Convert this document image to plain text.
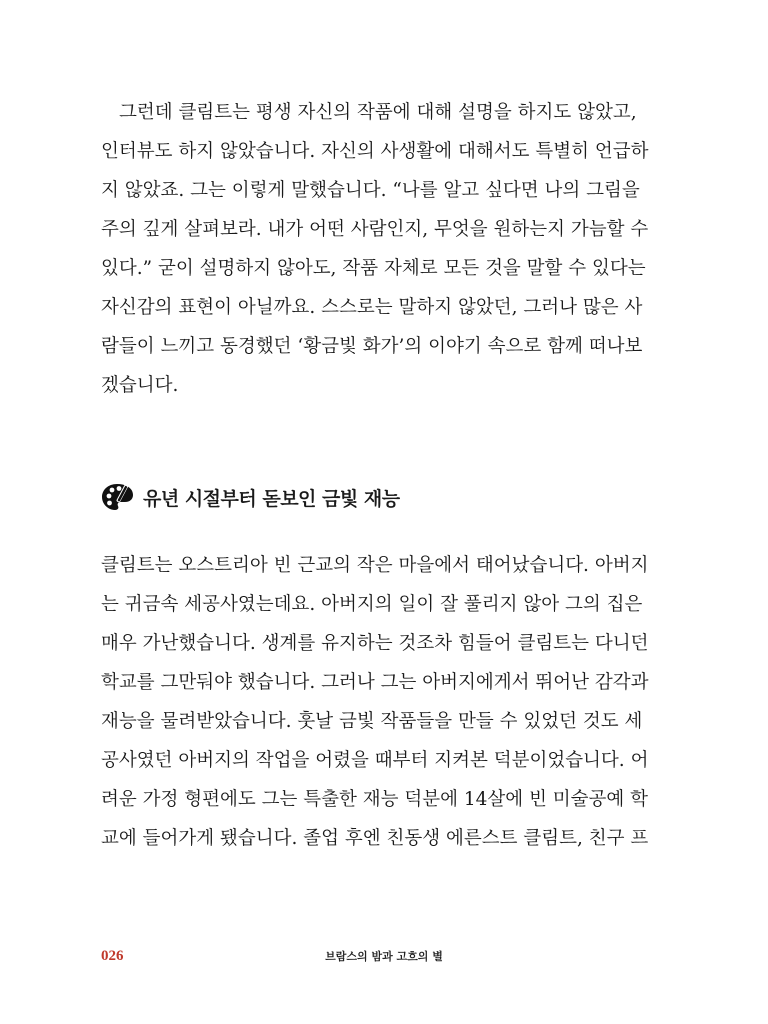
그런데 클림트는 평생 자신의 작품에 대해 설명을 하지도 않았고,
인터뷰도 하지 않았습니다. 자신의 사생활에 대해서도 특별히 언급하
지 않았죠. 그는 이렇게 말했습니다. “나를 알고 싶다면 나의 그림을
주의 깊게 살펴보라. 내가 어떤 사람인지, 무엇을 원하는지 가늠할 수
있다.” 굳이 설명하지 않아도, 작품 자체로 모든 것을 말할 수 있다는
자신감의 표현이 아닐까요. 스스로는 말하지 않았던, 그러나 많은 사
람들이 느끼고 동경했던 ‘황금빛 화가’의 이야기 속으로 함께 떠나보
겠습니다.
유년 시절부터 돋보인 금빛 재능
클림트는 오스트리아 빈 근교의 작은 마을에서 태어났습니다. 아버지
는 귀금속 세공사였는데요. 아버지의 일이 잘 풀리지 않아 그의 집은
매우 가난했습니다. 생계를 유지하는 것조차 힘들어 클림트는 다니던
학교를 그만둬야 했습니다. 그러나 그는 아버지에게서 뛰어난 감각과
재능을 물려받았습니다. 훗날 금빛 작품들을 만들 수 있었던 것도 세
공사였던 아버지의 작업을 어렸을 때부터 지켜본 덕분이었습니다. 어
려운 가정 형편에도 그는 특출한 재능 덕분에 14살에 빈 미술공예 학
교에 들어가게 됐습니다. 졸업 후엔 친동생 에른스트 클림트, 친구 프
026	브람스의 밤과 고흐의 별
